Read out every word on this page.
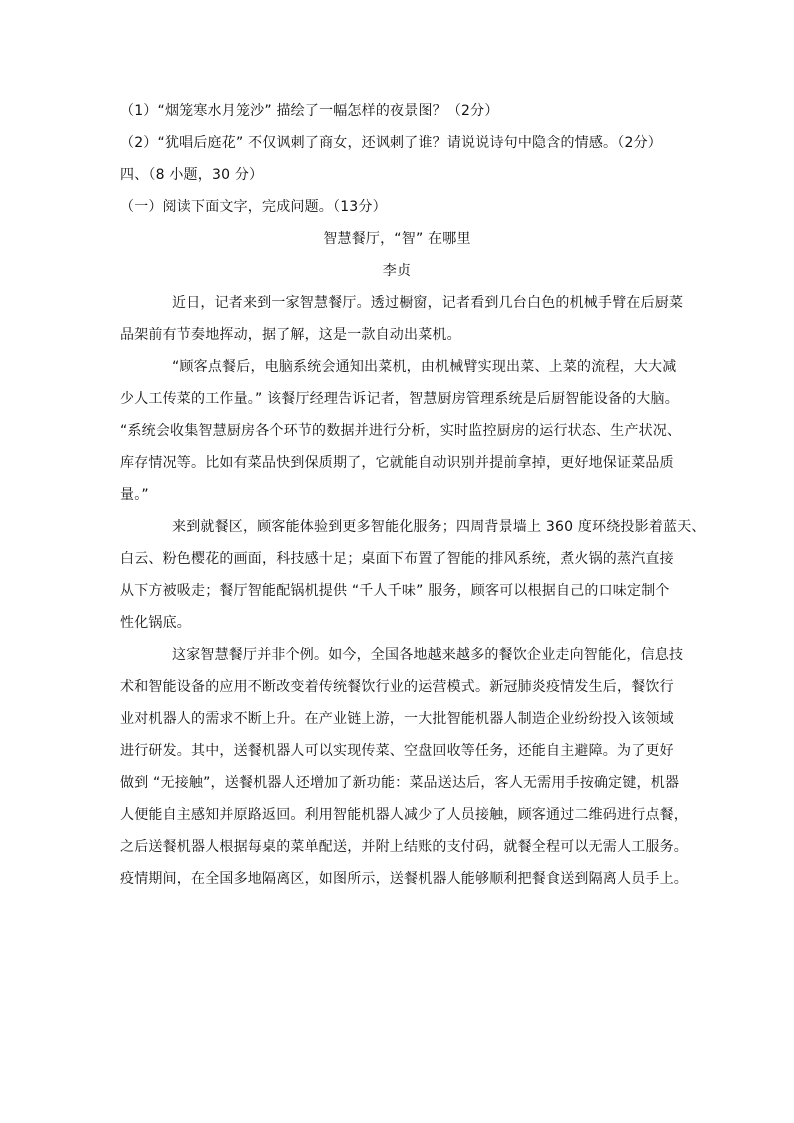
（1）“烟笼寒水月笼沙” 描绘了一幅怎样的夜景图？（2分）
（2）“犹唱后庭花” 不仅讽刺了商女，还讽刺了谁？请说说诗句中隐含的情感。（2分）
四、（8 小题，30 分）
（一）阅读下面文字，完成问题。（13分）
智慧餐厅，“智” 在哪里
李贞
近日，记者来到一家智慧餐厅。透过橱窗，记者看到几台白色的机械手臂在后厨菜
品架前有节奏地挥动，据了解，这是一款自动出菜机。
“顾客点餐后，电脑系统会通知出菜机，由机械臂实现出菜、上菜的流程，大大减
少人工传菜的工作量。” 该餐厅经理告诉记者，智慧厨房管理系统是后厨智能设备的大脑。
“系统会收集智慧厨房各个环节的数据并进行分析，实时监控厨房的运行状态、生产状况、
库存情况等。比如有菜品快到保质期了，它就能自动识别并提前拿掉，更好地保证菜品质
量。”
来到就餐区，顾客能体验到更多智能化服务；四周背景墙上 360 度环绕投影着蓝天、
白云、粉色樱花的画面，科技感十足；桌面下布置了智能的排风系统，煮火锅的蒸汽直接
从下方被吸走；餐厅智能配锅机提供 “千人千味” 服务，顾客可以根据自己的口味定制个
性化锅底。
这家智慧餐厅并非个例。如今，全国各地越来越多的餐饮企业走向智能化，信息技
术和智能设备的应用不断改变着传统餐饮行业的运营模式。新冠肺炎疫情发生后，餐饮行
业对机器人的需求不断上升。在产业链上游，一大批智能机器人制造企业纷纷投入该领域
进行研发。其中，送餐机器人可以实现传菜、空盘回收等任务，还能自主避障。为了更好
做到 “无接触”，送餐机器人还增加了新功能：菜品送达后，客人无需用手按确定键，机器
人便能自主感知并原路返回。利用智能机器人减少了人员接触，顾客通过二维码进行点餐，
之后送餐机器人根据每桌的菜单配送，并附上结账的支付码，就餐全程可以无需人工服务。
疫情期间，在全国多地隔离区，如图所示，送餐机器人能够顺利把餐食送到隔离人员手上。
